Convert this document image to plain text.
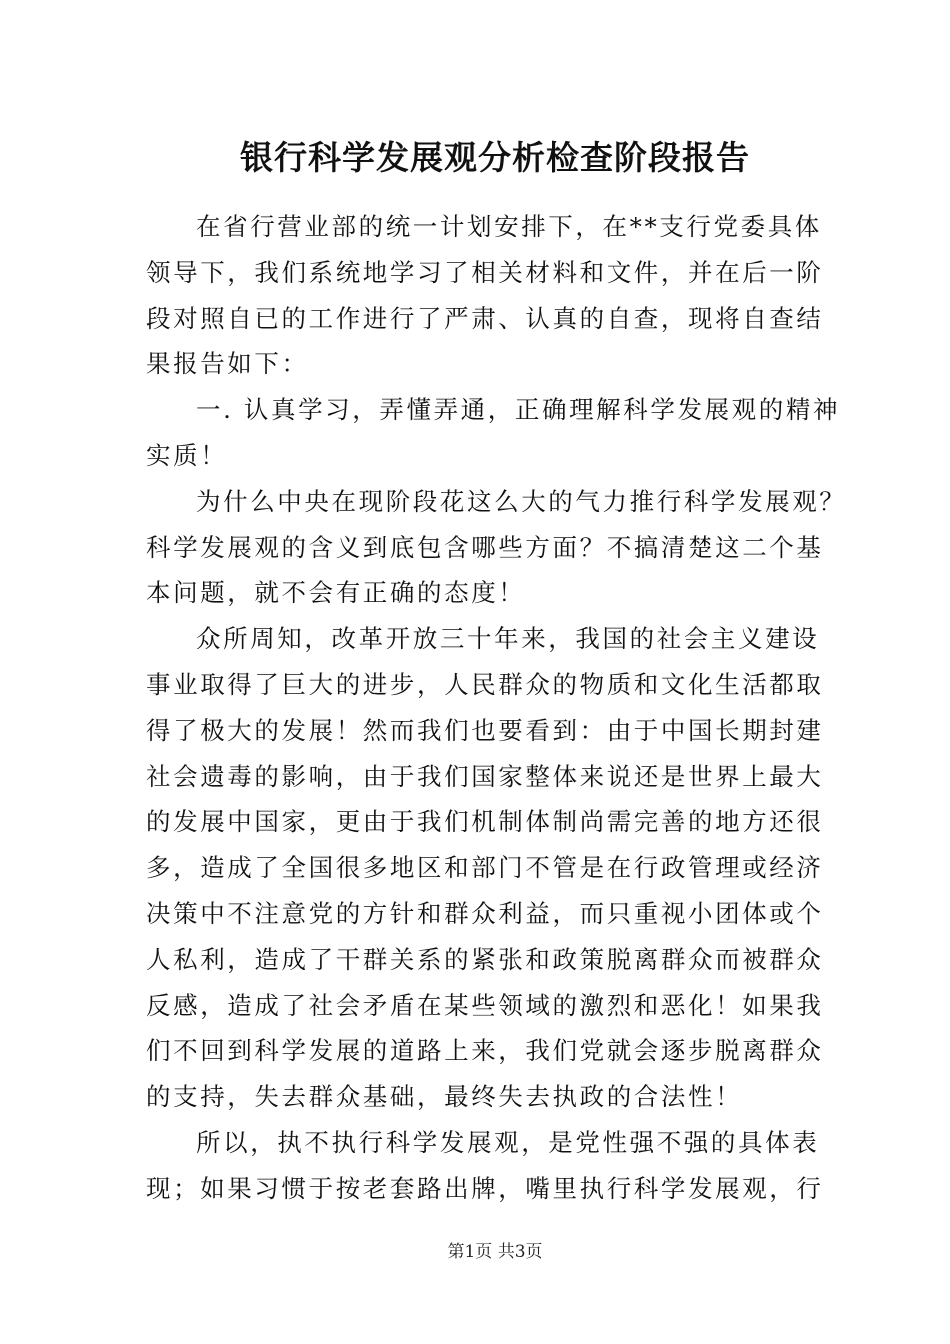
银行科学发展观分析检查阶段报告
在省行营业部的统一计划安排下，在**支行党委具体
领导下，我们系统地学习了相关材料和文件，并在后一阶
段对照自已的工作进行了严肃、认真的自查，现将自查结
果报告如下：
一. 认真学习，弄懂弄通，正确理解科学发展观的精神
实质！
为什么中央在现阶段花这么大的气力推行科学发展观？
科学发展观的含义到底包含哪些方面？不搞清楚这二个基
本问题，就不会有正确的态度！
众所周知，改革开放三十年来，我国的社会主义建设
事业取得了巨大的进步，人民群众的物质和文化生活都取
得了极大的发展！然而我们也要看到：由于中国长期封建
社会遗毒的影响，由于我们国家整体来说还是世界上最大
的发展中国家，更由于我们机制体制尚需完善的地方还很
多，造成了全国很多地区和部门不管是在行政管理或经济
决策中不注意党的方针和群众利益，而只重视小团体或个
人私利，造成了干群关系的紧张和政策脱离群众而被群众
反感，造成了社会矛盾在某些领域的激烈和恶化！如果我
们不回到科学发展的道路上来，我们党就会逐步脱离群众
的支持，失去群众基础，最终失去执政的合法性！
所以，执不执行科学发展观，是党性强不强的具体表
现；如果习惯于按老套路出牌，嘴里执行科学发展观，行
第1页 共3页
